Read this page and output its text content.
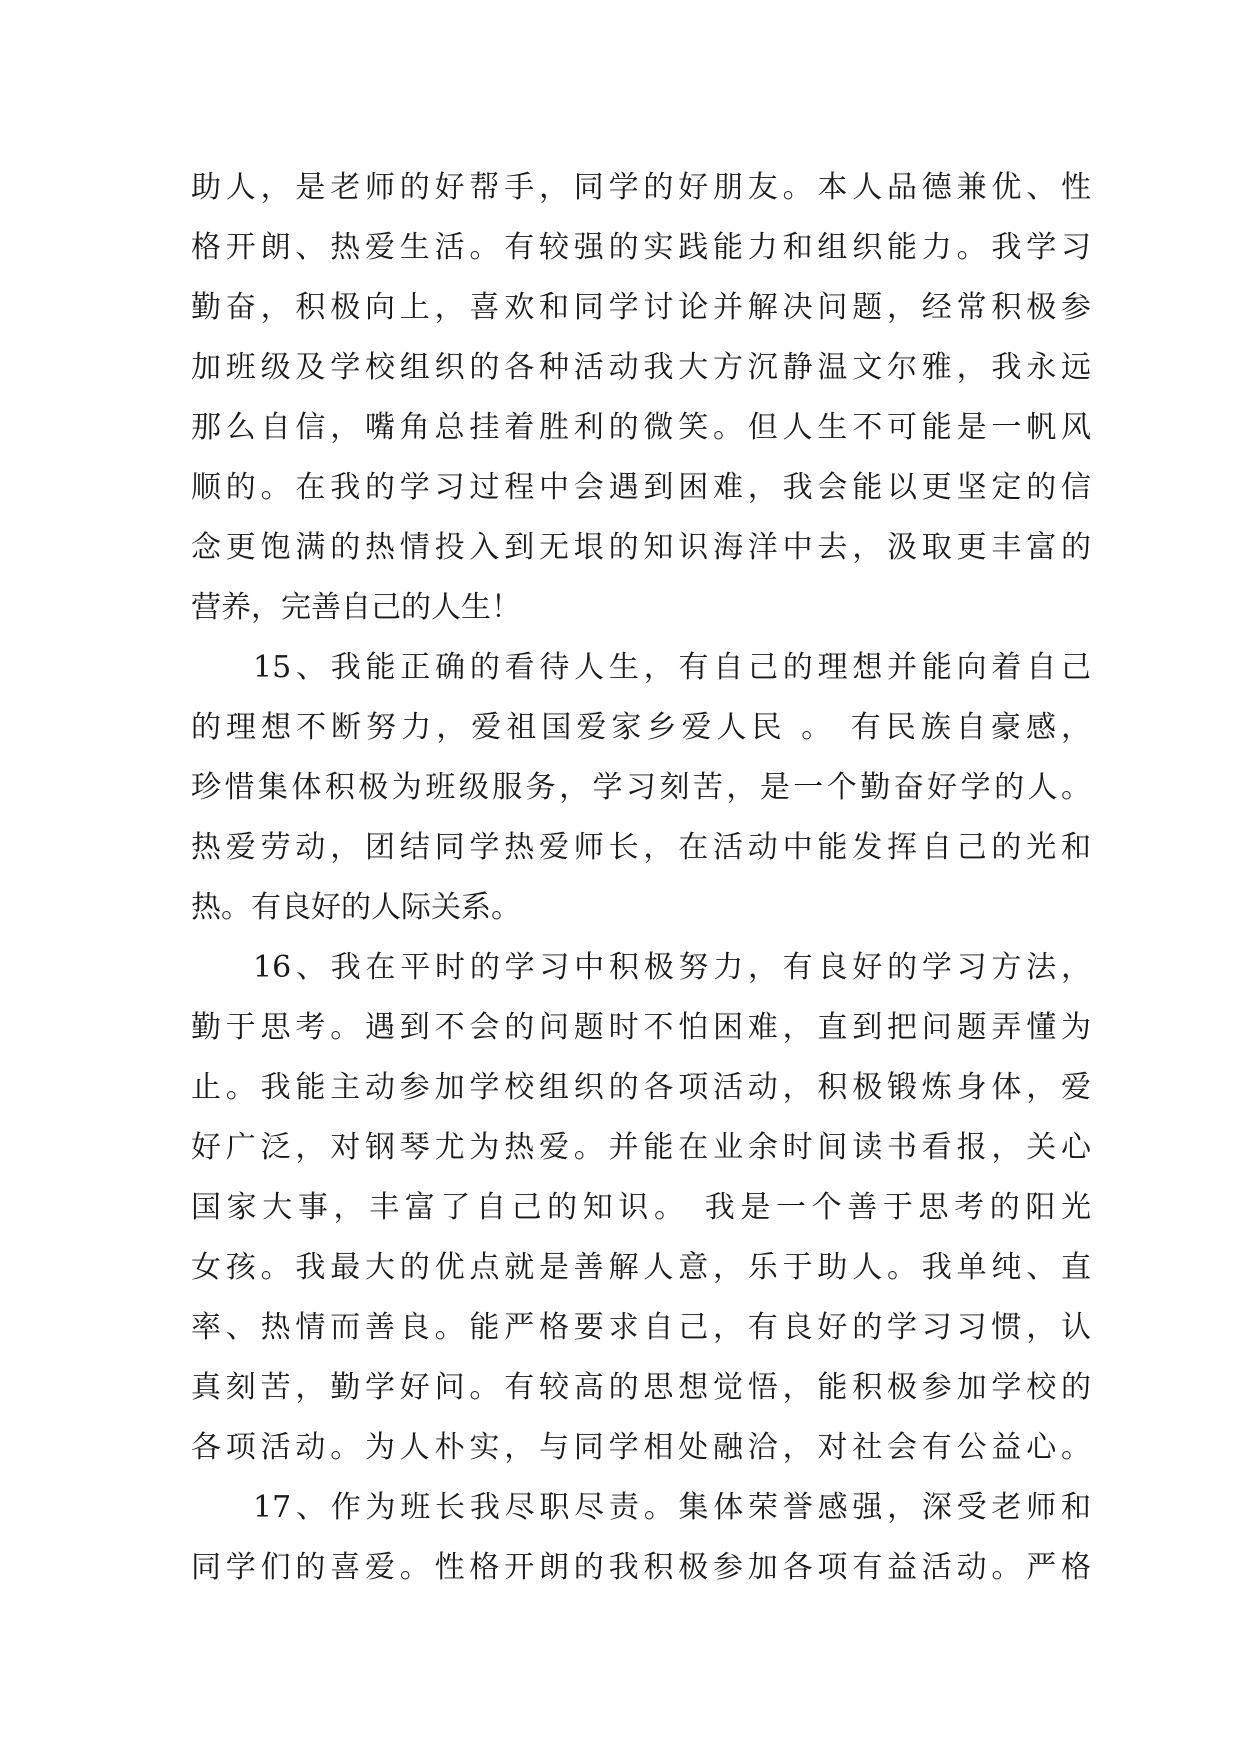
助人，是老师的好帮手，同学的好朋友。本人品德兼优、性
格开朗、热爱生活。有较强的实践能力和组织能力。我学习
勤奋，积极向上，喜欢和同学讨论并解决问题，经常积极参
加班级及学校组织的各种活动我大方沉静温文尔雅，我永远
那么自信，嘴角总挂着胜利的微笑。但人生不可能是一帆风
顺的。在我的学习过程中会遇到困难，我会能以更坚定的信
念更饱满的热情投入到无垠的知识海洋中去，汲取更丰富的
营养，完善自己的人生！
15、我能正确的看待人生，有自己的理想并能向着自己
的理想不断努力，爱祖国爱家乡爱人民 。 有民族自豪感，
珍惜集体积极为班级服务，学习刻苦，是一个勤奋好学的人。
热爱劳动，团结同学热爱师长，在活动中能发挥自己的光和
热。有良好的人际关系。
16、我在平时的学习中积极努力，有良好的学习方法，
勤于思考。遇到不会的问题时不怕困难，直到把问题弄懂为
止。我能主动参加学校组织的各项活动，积极锻炼身体，爱
好广泛，对钢琴尤为热爱。并能在业余时间读书看报，关心
国家大事，丰富了自己的知识。 我是一个善于思考的阳光
女孩。我最大的优点就是善解人意，乐于助人。我单纯、直
率、热情而善良。能严格要求自己，有良好的学习习惯，认
真刻苦，勤学好问。有较高的思想觉悟，能积极参加学校的
各项活动。为人朴实，与同学相处融洽，对社会有公益心。
17、作为班长我尽职尽责。集体荣誉感强，深受老师和
同学们的喜爱。性格开朗的我积极参加各项有益活动。严格
